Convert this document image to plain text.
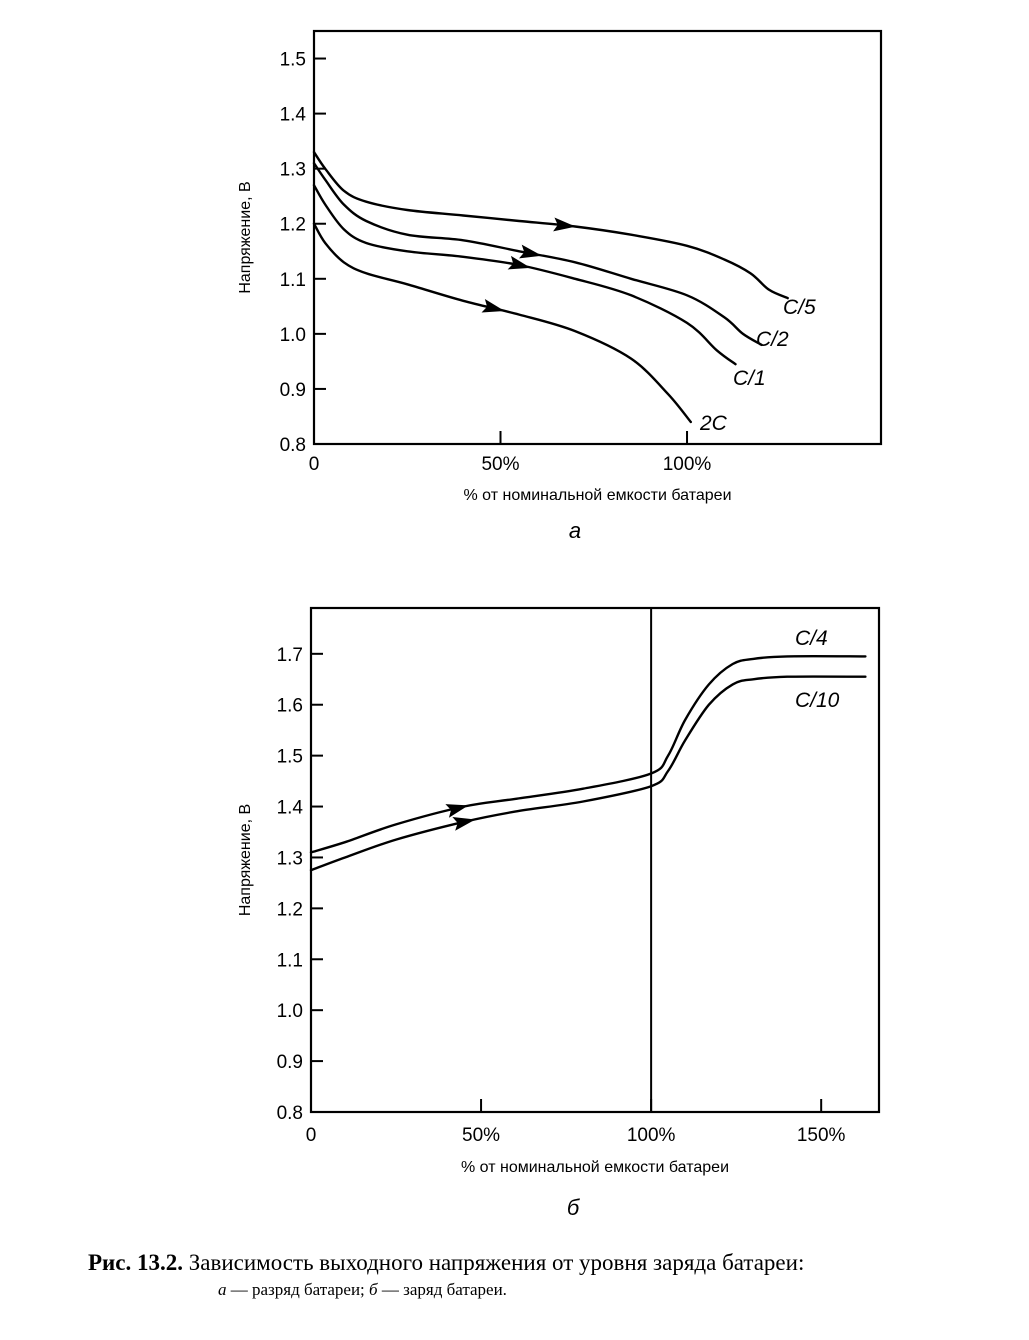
0.8
0.9
1.0
1.1
1.2
1.3
1.4
1.5
0	50%	100%
% от номинальной емкости батареи
Напряжение, В
C/5
C/2
C/1
2C
а
0.8
0.9
1.0
1.1
1.2
1.3
1.4
1.5
1.6
1.7
0	50%	100%	150%
% от номинальной емкости батареи
Напряжение, В
C/4
C/10
б
Рис. 13.2. Зависимость выходного напряжения от уровня заряда батареи:
а — разряд батареи; б — заряд батареи.
